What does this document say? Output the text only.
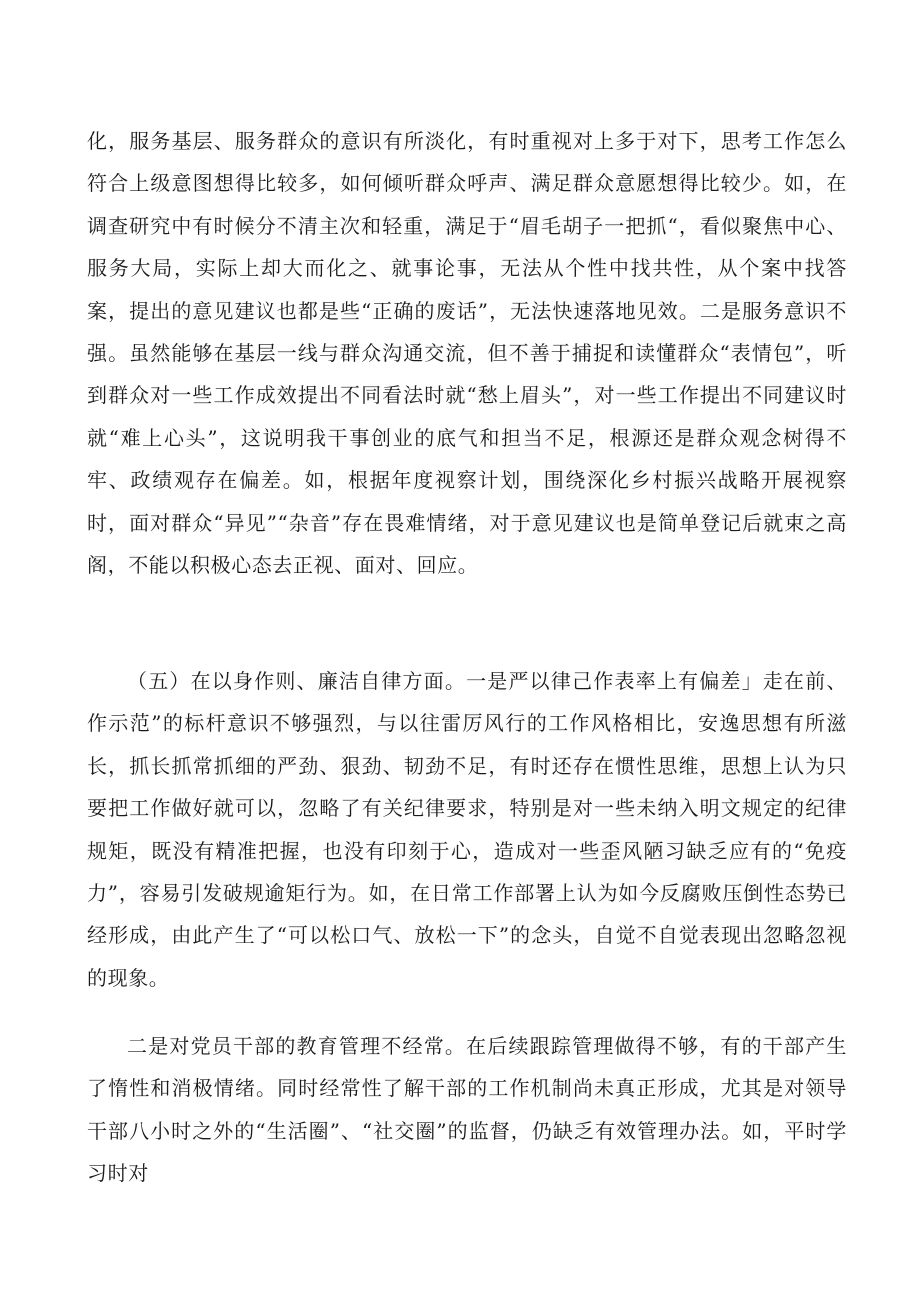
化，服务基层、服务群众的意识有所淡化，有时重视对上多于对下，思考工作怎么符合上级意图想得比较多，如何倾听群众呼声、满足群众意愿想得比较少。如，在调查研究中有时候分不清主次和轻重，满足于“眉毛胡子一把抓“，看似聚焦中心、服务大局，实际上却大而化之、就事论事，无法从个性中找共性，从个案中找答案，提出的意见建议也都是些“正确的废话”，无法快速落地见效。二是服务意识不强。虽然能够在基层一线与群众沟通交流，但不善于捕捉和读懂群众“表情包”，听到群众对一些工作成效提出不同看法时就“愁上眉头”，对一些工作提出不同建议时就“难上心头”，这说明我干事创业的底气和担当不足，根源还是群众观念树得不牢、政绩观存在偏差。如，根据年度视察计划，围绕深化乡村振兴战略开展视察时，面对群众“异见”“杂音”存在畏难情绪，对于意见建议也是简单登记后就束之高阁，不能以积极心态去正视、面对、回应。

（五）在以身作则、廉洁自律方面。一是严以律己作表率上有偏差」走在前、作示范”的标杆意识不够强烈，与以往雷厉风行的工作风格相比，安逸思想有所滋长，抓长抓常抓细的严劲、狠劲、韧劲不足，有时还存在惯性思维，思想上认为只要把工作做好就可以，忽略了有关纪律要求，特别是对一些未纳入明文规定的纪律规矩，既没有精准把握，也没有印刻于心，造成对一些歪风陋习缺乏应有的“免疫力”，容易引发破规逾矩行为。如，在日常工作部署上认为如今反腐败压倒性态势已经形成，由此产生了“可以松口气、放松一下”的念头，自觉不自觉表现出忽略忽视的现象。

二是对党员干部的教育管理不经常。在后续跟踪管理做得不够，有的干部产生了惰性和消极情绪。同时经常性了解干部的工作机制尚未真正形成，尤其是对领导干部八小时之外的“生活圈”、“社交圈”的监督，仍缺乏有效管理办法。如，平时学习时对
